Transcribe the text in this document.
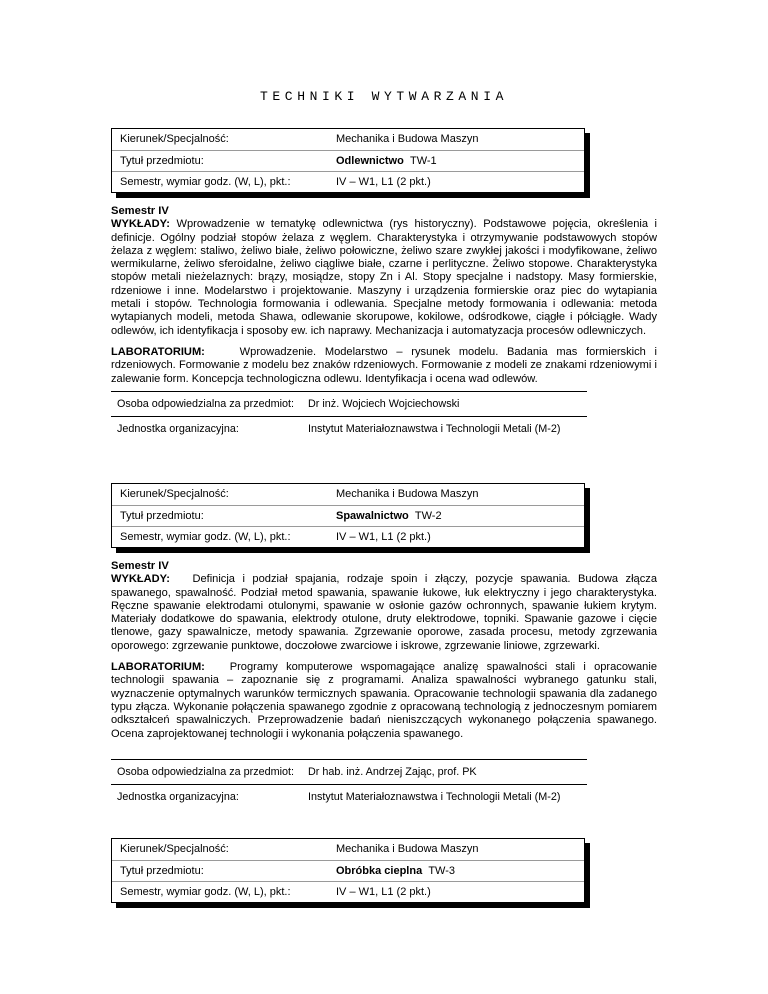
TECHNIKI WYTWARZANIA
Kierunek/Specjalność:	Mechanika i Budowa Maszyn
Tytuł przedmiotu:	Odlewnictwo TW-1
Semestr, wymiar godz. (W, L), pkt.:	IV – W1, L1 (2 pkt.)
Semestr IV
WYKŁADY: Wprowadzenie w tematykę odlewnictwa (rys historyczny). Podstawowe pojęcia, określenia i definicje. Ogólny podział stopów żelaza z węglem. Charakterystyka i otrzymywanie podstawowych stopów żelaza z węglem: staliwo, żeliwo białe, żeliwo połowiczne, żeliwo szare zwykłej jakości i modyfikowane, żeliwo wermikularne, żeliwo sferoidalne, żeliwo ciągliwe białe, czarne i perlityczne. Żeliwo stopowe. Charakterystyka stopów metali nieżelaznych: brązy, mosiądze, stopy Zn i Al. Stopy specjalne i nadstopy. Masy formierskie, rdzeniowe i inne. Modelarstwo i projektowanie. Maszyny i urządzenia formierskie oraz piec do wytapiania metali i stopów. Technologia formowania i odlewania. Specjalne metody formowania i odlewania: metoda wytapianych modeli, metoda Shawa, odlewanie skorupowe, kokilowe, odśrodkowe, ciągłe i półciągłe. Wady odlewów, ich identyfikacja i sposoby ew. ich naprawy. Mechanizacja i automatyzacja procesów odlewniczych.
LABORATORIUM:	Wprowadzenie. Modelarstwo – rysunek modelu. Badania mas formierskich i rdzeniowych. Formowanie z modelu bez znaków rdzeniowych. Formowanie z modeli ze znakami rdzeniowymi i zalewanie form. Koncepcja technologiczna odlewu. Identyfikacja i ocena wad odlewów.
Osoba odpowiedzialna za przedmiot: Dr inż. Wojciech Wojciechowski
Jednostka organizacyjna:	Instytut Materiałoznawstwa i Technologii Metali (M-2)
Kierunek/Specjalność:	Mechanika i Budowa Maszyn
Tytuł przedmiotu:	Spawalnictwo TW-2
Semestr, wymiar godz. (W, L), pkt.:	IV – W1, L1 (2 pkt.)
Semestr IV
WYKŁADY: Definicja i podział spajania, rodzaje spoin i złączy, pozycje spawania. Budowa złącza spawanego, spawalność. Podział metod spawania, spawanie łukowe, łuk elektryczny i jego charakterystyka. Ręczne spawanie elektrodami otulonymi, spawanie w osłonie gazów ochronnych, spawanie łukiem krytym. Materiały dodatkowe do spawania, elektrody otulone, druty elektrodowe, topniki. Spawanie gazowe i cięcie tlenowe, gazy spawalnicze, metody spawania. Zgrzewanie oporowe, zasada procesu, metody zgrzewania oporowego: zgrzewanie punktowe, doczołowe zwarciowe i iskrowe, zgrzewanie liniowe, zgrzewarki.
LABORATORIUM: Programy komputerowe wspomagające analizę spawalności stali i opracowanie technologii spawania – zapoznanie się z programami. Analiza spawalności wybranego gatunku stali, wyznaczenie optymalnych warunków termicznych spawania. Opracowanie technologii spawania dla zadanego typu złącza. Wykonanie połączenia spawanego zgodnie z opracowaną technologią z jednoczesnym pomiarem odkształceń spawalniczych. Przeprowadzenie badań nieniszczących wykonanego połączenia spawanego. Ocena zaprojektowanej technologii i wykonania połączenia spawanego.
Osoba odpowiedzialna za przedmiot: Dr hab. inż. Andrzej Zając, prof. PK
Jednostka organizacyjna:	Instytut Materiałoznawstwa i Technologii Metali (M-2)
Kierunek/Specjalność:	Mechanika i Budowa Maszyn
Tytuł przedmiotu:	Obróbka cieplna TW-3
Semestr, wymiar godz. (W, L), pkt.:	IV – W1, L1 (2 pkt.)
